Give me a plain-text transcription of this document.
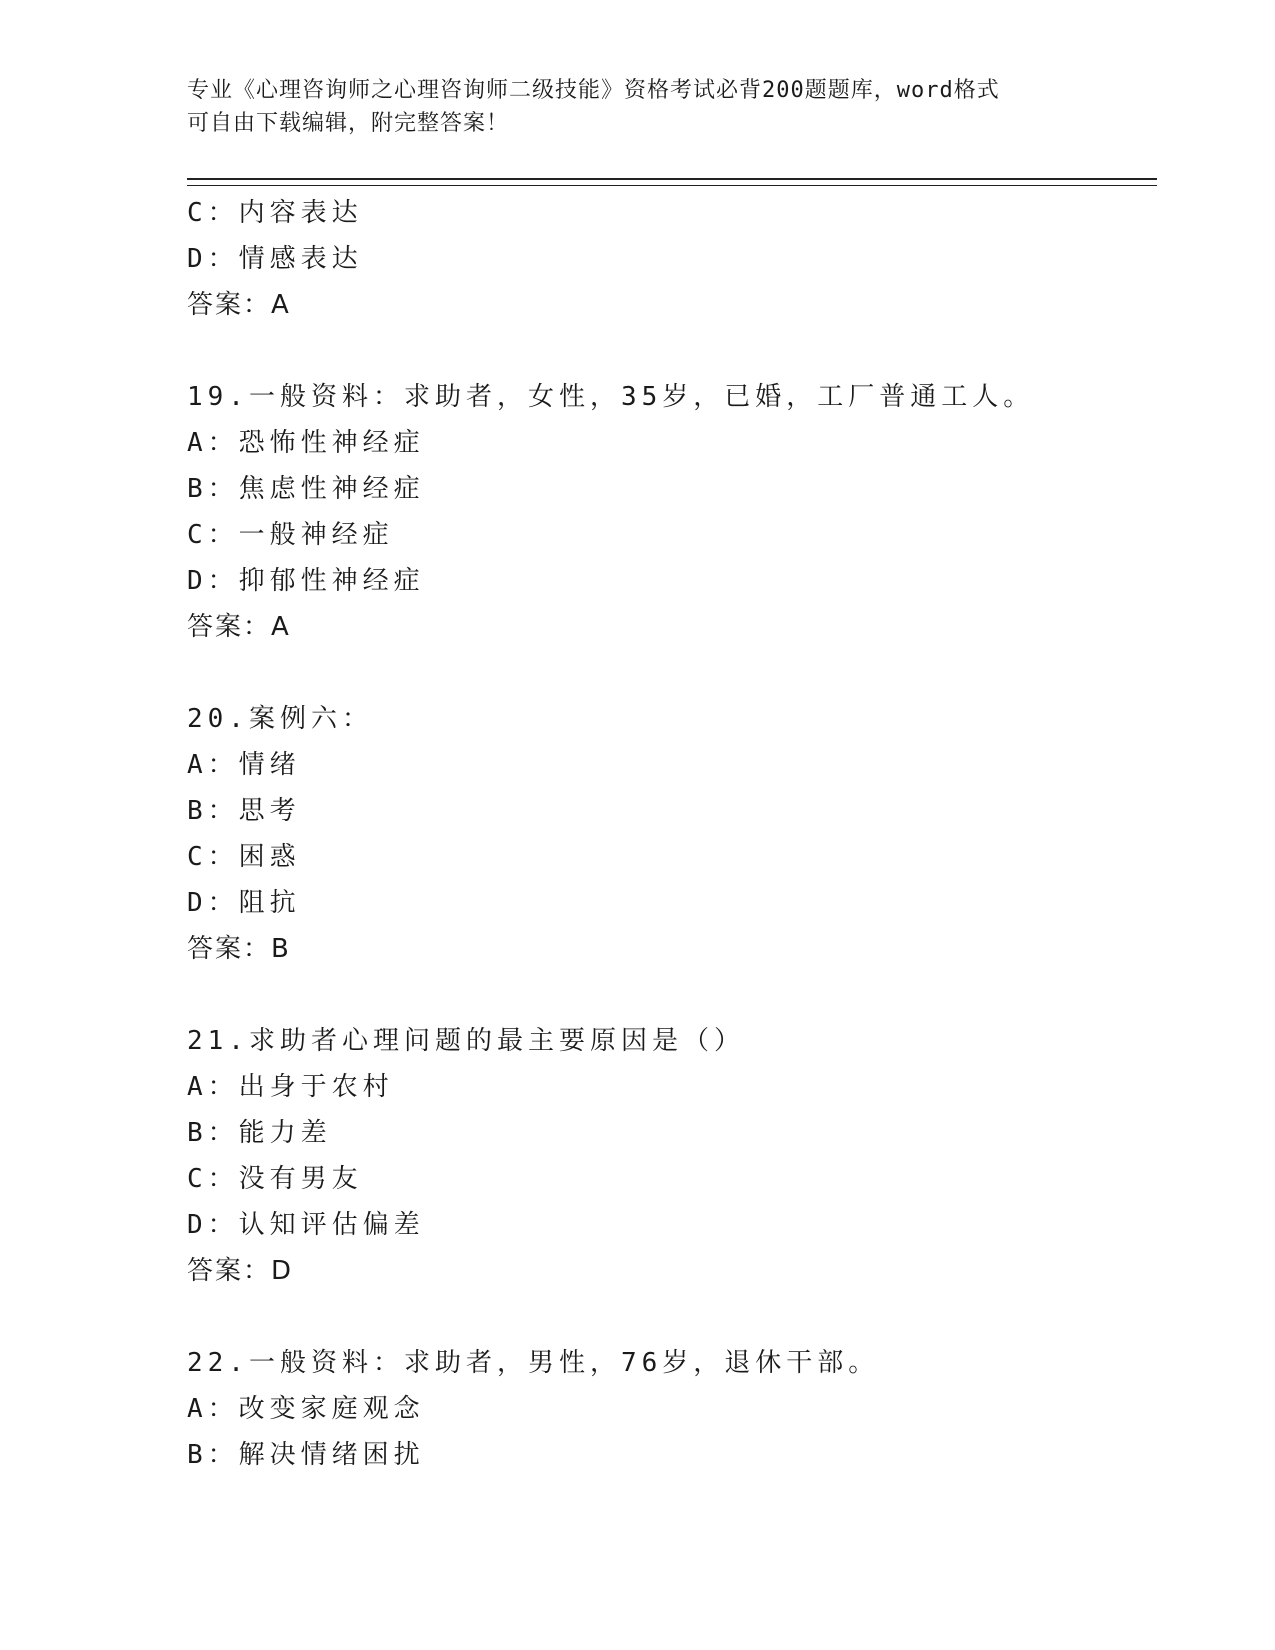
专业《心理咨询师之心理咨询师二级技能》资格考试必背200题题库，word格式
可自由下载编辑，附完整答案！
C：内容表达
D：情感表达
答案：A
19.一般资料：求助者，女性，35岁，已婚，工厂普通工人。
A：恐怖性神经症
B：焦虑性神经症
C：一般神经症
D：抑郁性神经症
答案：A
20.案例六：
A：情绪
B：思考
C：困惑
D：阻抗
答案：B
21.求助者心理问题的最主要原因是（）
A：出身于农村
B：能力差
C：没有男友
D：认知评估偏差
答案：D
22.一般资料：求助者，男性，76岁，退休干部。
A：改变家庭观念
B：解决情绪困扰
